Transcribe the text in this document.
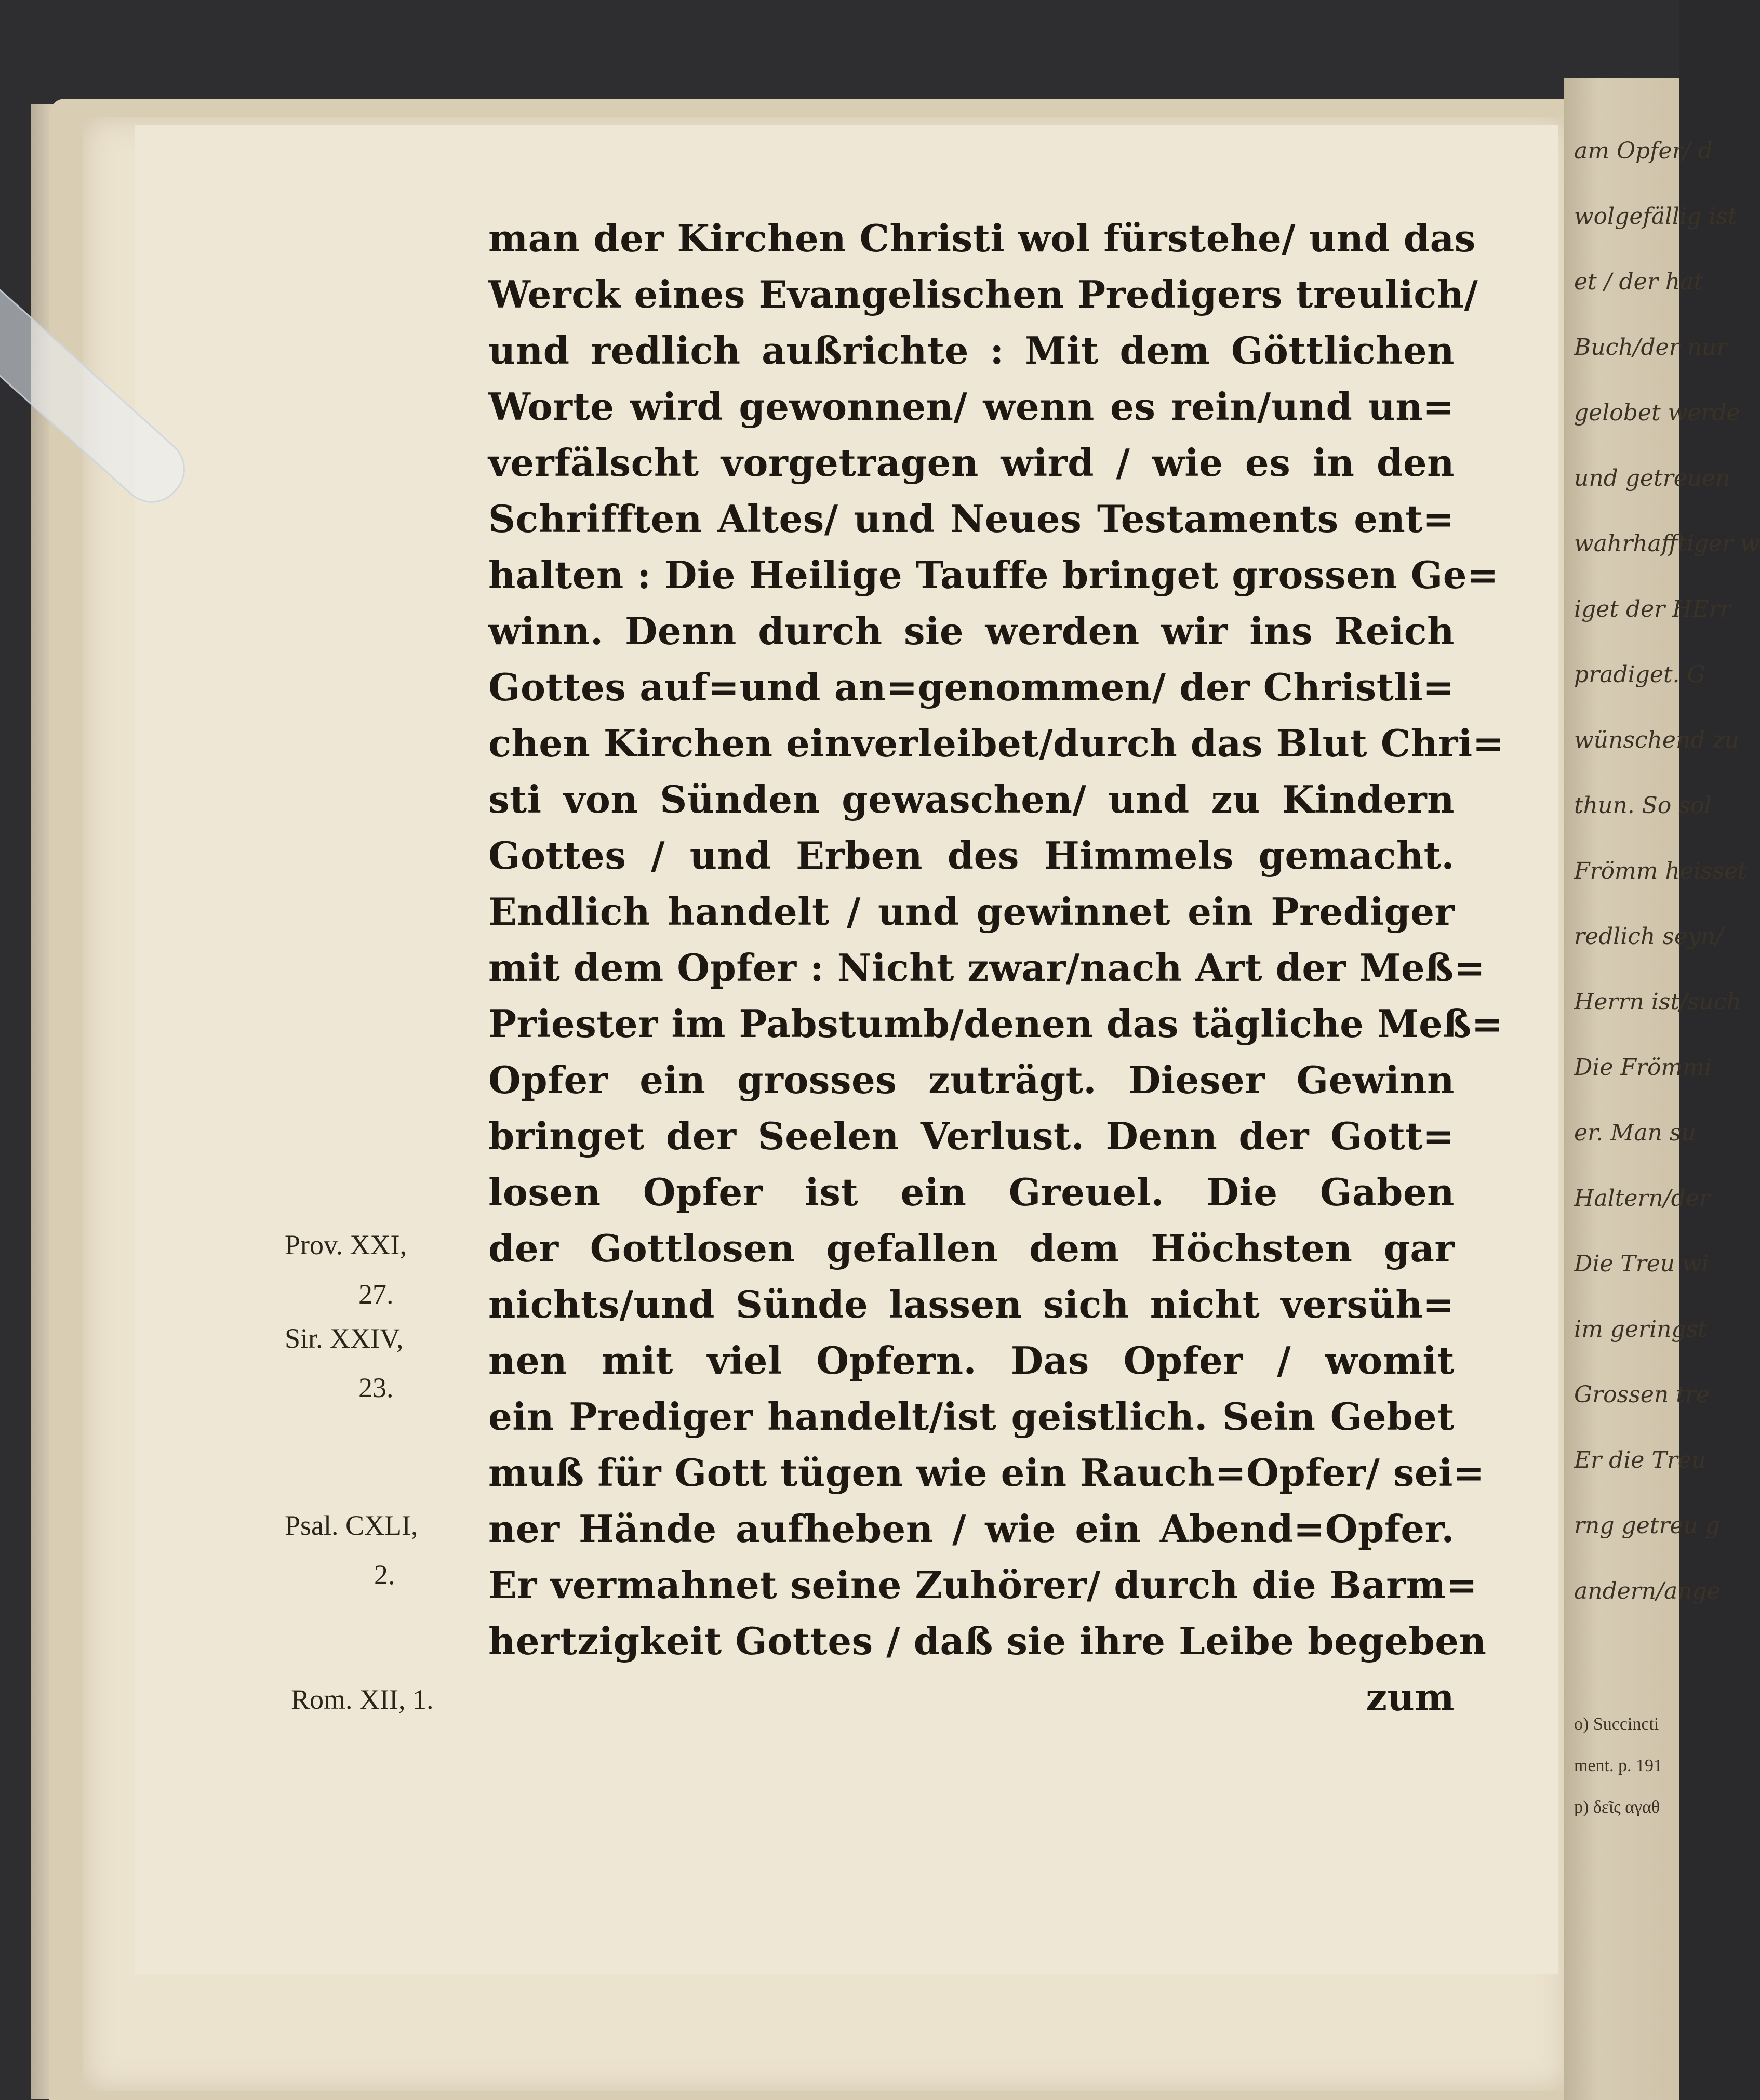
am Opfer/ d
wolgefällig ist
et / der hat
Buch/der nur
gelobet werde
und getreuen
wahrhafftiger w
iget der HErr
pradiget. G
wünschend zu
thun. So sol
Frömm heisset
redlich seyn/
Herrn ist/such
Die Frömmi
er. Man su
Haltern/der
Die Treu wi
im geringst
Grossen tre
Er die Treu
rng getreu g
andern/ange
o) Succincti
ment. p. 191
p) δεῖς αγαθ
man der Kirchen Christi wol fürstehe/ und das
Werck eines Evangelischen Predigers treulich/
und redlich außrichte : Mit dem Göttlichen
Worte wird gewonnen/ wenn es rein/und un=
verfälscht vorgetragen wird / wie es in den
Schrifften Altes/ und Neues Testaments ent=
halten : Die Heilige Tauffe bringet grossen Ge=
winn. Denn durch sie werden wir ins Reich
Gottes auf=und an=genommen/ der Christli=
chen Kirchen einverleibet/durch das Blut Chri=
sti von Sünden gewaschen/ und zu Kindern
Gottes / und Erben des Himmels gemacht.
Endlich handelt / und gewinnet ein Prediger
mit dem Opfer : Nicht zwar/nach Art der Meß=
Priester im Pabstumb/denen das tägliche Meß=
Opfer ein grosses zuträgt. Dieser Gewinn
bringet der Seelen Verlust. Denn der Gott=
losen Opfer ist ein Greuel. Die Gaben
der Gottlosen gefallen dem Höchsten gar
nichts/und Sünde lassen sich nicht versüh=
nen mit viel Opfern. Das Opfer / womit
ein Prediger handelt/ist geistlich. Sein Gebet
muß für Gott tügen wie ein Rauch=Opfer/ sei=
ner Hände aufheben / wie ein Abend=Opfer.
Er vermahnet seine Zuhörer/ durch die Barm=
hertzigkeit Gottes / daß sie ihre Leibe begeben
zum
Prov. XXI,
27.
Sir. XXIV,
23.
Psal. CXLI,
2.
Rom. XII, 1.
